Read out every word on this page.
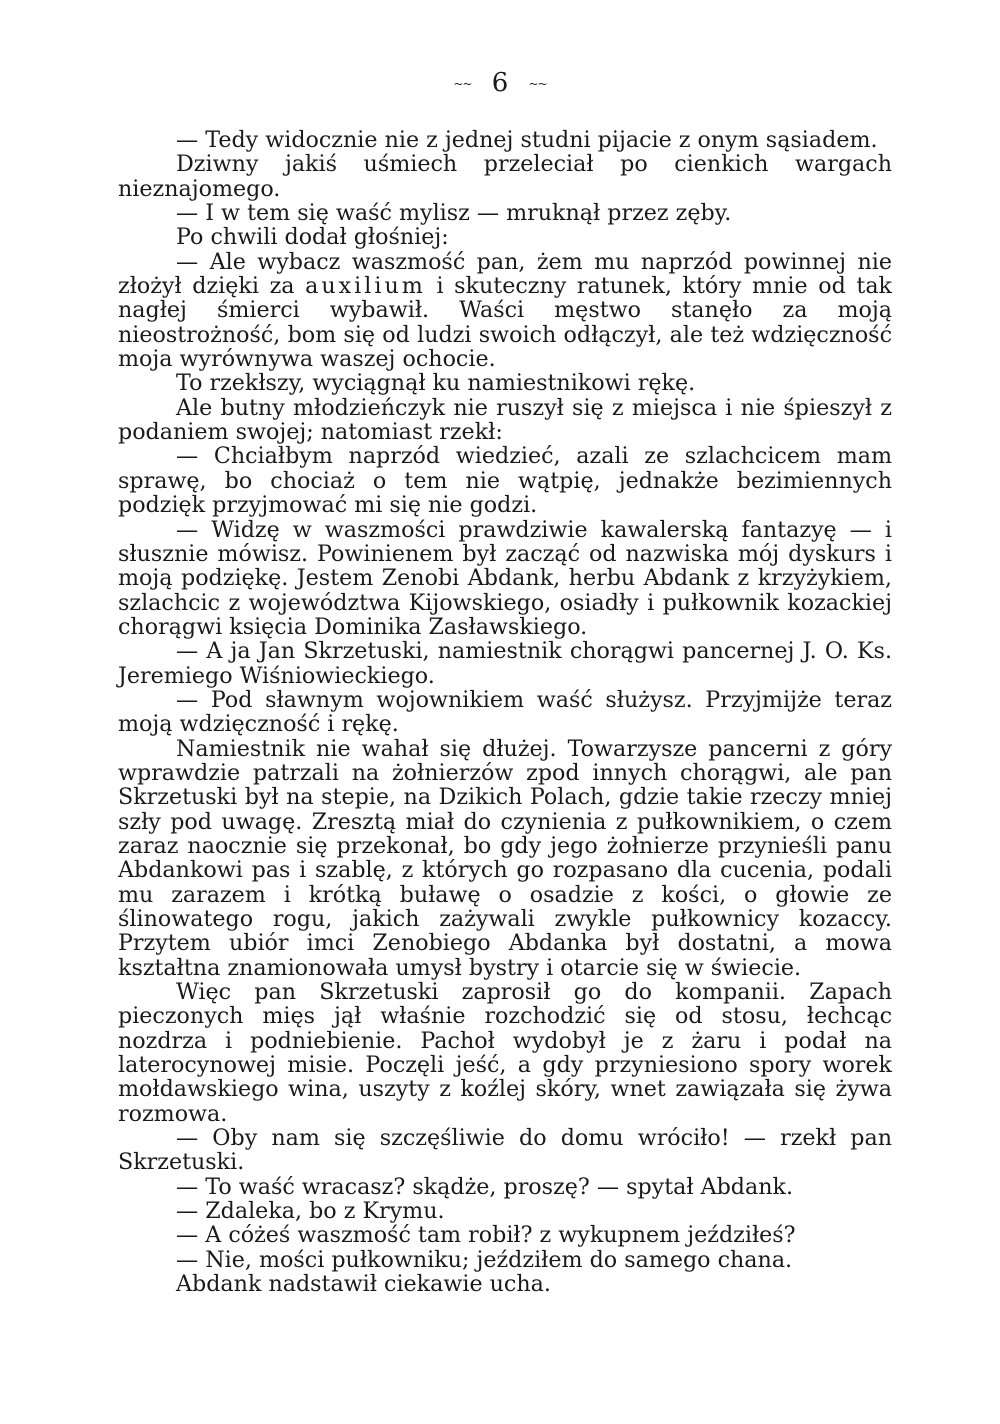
~~ 6 ~~

— Tedy widocznie nie z jednej studni pijacie z onym sąsiadem.

Dziwny jakiś uśmiech przeleciał po cienkich wargach nieznajomego.

— I w tem się waść mylisz — mruknął przez zęby.

Po chwili dodał głośniej:

— Ale wybacz waszmość pan, żem mu naprzód powinnej nie złożył dzięki za auxilium i skuteczny ratunek, który mnie od tak nagłej śmierci wybawił. Waści męstwo stanęło za moją nieostrożność, bom się od ludzi swoich odłączył, ale też wdzięczność moja wyrównywa waszej ochocie.

To rzekłszy, wyciągnął ku namiestnikowi rękę.

Ale butny młodzieńczyk nie ruszył się z miejsca i nie śpieszył z podaniem swojej; natomiast rzekł:

— Chciałbym naprzód wiedzieć, azali ze szlachcicem mam sprawę, bo chociaż o tem nie wątpię, jednakże bezimiennych podzięk przyjmować mi się nie godzi.

— Widzę w waszmości prawdziwie kawalerską fantazyę — i słusznie mówisz. Powinienem był zacząć od nazwiska mój dyskurs i moją podziękę. Jestem Zenobi Abdank, herbu Abdank z krzyżykiem, szlachcic z województwa Kijowskiego, osiadły i pułkownik kozackiej chorągwi księcia Dominika Zasławskiego.

— A ja Jan Skrzetuski, namiestnik chorągwi pancernej J. O. Ks. Jeremiego Wiśniowieckiego.

— Pod sławnym wojownikiem waść służysz. Przyjmijże teraz moją wdzięczność i rękę.

Namiestnik nie wahał się dłużej. Towarzysze pancerni z góry wprawdzie patrzali na żołnierzów zpod innych chorągwi, ale pan Skrzetuski był na stepie, na Dzikich Polach, gdzie takie rzeczy mniej szły pod uwagę. Zresztą miał do czynienia z pułkownikiem, o czem zaraz naocznie się przekonał, bo gdy jego żołnierze przynieśli panu Abdankowi pas i szablę, z których go rozpasano dla cucenia, podali mu zarazem i krótką buławę o osadzie z kości, o głowie ze ślinowatego rogu, jakich zażywali zwykle pułkownicy kozaccy. Przytem ubiór imci Zenobiego Abdanka był dostatni, a mowa kształtna znamionowała umysł bystry i otarcie się w świecie.

Więc pan Skrzetuski zaprosił go do kompanii. Zapach pieczonych mięs jął właśnie rozchodzić się od stosu, łechcąc nozdrza i podniebienie. Pachoł wydobył je z żaru i podał na laterocynowej misie. Poczęli jeść, a gdy przyniesiono spory worek mołdawskiego wina, uszyty z koźlej skóry, wnet zawiązała się żywa rozmowa.

— Oby nam się szczęśliwie do domu wróciło! — rzekł pan Skrzetuski.

— To waść wracasz? skądże, proszę? — spytał Abdank.

— Zdaleka, bo z Krymu.

— A cóżeś waszmość tam robił? z wykupnem jeździłeś?

— Nie, mości pułkowniku; jeździłem do samego chana.

Abdank nadstawił ciekawie ucha.
